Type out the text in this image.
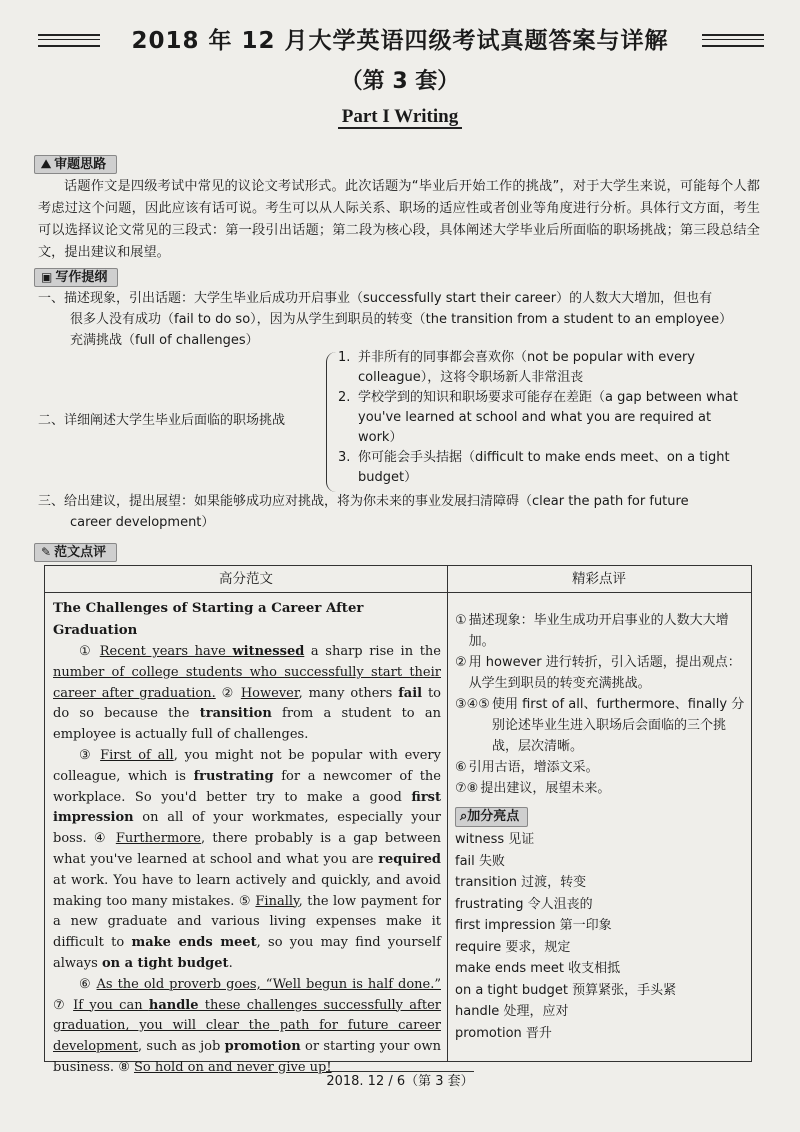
2018 年 12 月大学英语四级考试真题答案与详解
（第 3 套）
Part I Writing
⛰ 审题思路
话题作文是四级考试中常见的议论文考试形式。此次话题为“毕业后开始工作的挑战”，对于大学生来说，可能每个人都考虑过这个问题，因此应该有话可说。考生可以从人际关系、职场的适应性或者创业等角度进行分析。具体行文方面，考生可以选择议论文常见的三段式：第一段引出话题；第二段为核心段，具体阐述大学毕业后所面临的职场挑战；第三段总结全文，提出建议和展望。
▣ 写作提纲
一、描述现象，引出话题：大学生毕业后成功开启事业（successfully start their career）的人数大大增加，但也有
很多人没有成功（fail to do so），因为从学生到职员的转变（the transition from a student to an employee）
充满挑战（full of challenges）
二、详细阐述大学生毕业后面临的职场挑战
1. 并非所有的同事都会喜欢你（not be popular with every colleague），这将令职场新人非常沮丧
2. 学校学到的知识和职场要求可能存在差距（a gap between what you've learned at school and what you are required at work）
3. 你可能会手头拮据（difficult to make ends meet、on a tight budget）
三、给出建议，提出展望：如果能够成功应对挑战，将为你未来的事业发展扫清障碍（clear the path for future
career development）
✎ 范文点评
高分范文	精彩点评
The Challenges of Starting a Career After Graduation
① Recent years have witnessed a sharp rise in the number of college students who successfully start their career after graduation. ② However, many others fail to do so because the transition from a student to an employee is actually full of challenges.
③ First of all, you might not be popular with every colleague, which is frustrating for a newcomer of the workplace. So you'd better try to make a good first impression on all of your workmates, especially your boss. ④ Furthermore, there probably is a gap between what you've learned at school and what you are required at work. You have to learn actively and quickly, and avoid making too many mistakes. ⑤ Finally, the low payment for a new graduate and various living expenses make it difficult to make ends meet, so you may find yourself always on a tight budget.
⑥ As the old proverb goes, “Well begun is half done.” ⑦ If you can handle these challenges successfully after graduation, you will clear the path for future career development, such as job promotion or starting your own business. ⑧ So hold on and never give up!
① 描述现象：毕业生成功开启事业的人数大大增加。
② 用 however 进行转折，引入话题，提出观点：从学生到职员的转变充满挑战。
③④⑤ 使用 first of all、furthermore、finally 分别论述毕业生进入职场后会面临的三个挑战，层次清晰。
⑥ 引用古语，增添文采。
⑦⑧ 提出建议，展望未来。
⌕加分亮点
witness 见证
fail 失败
transition 过渡，转变
frustrating 令人沮丧的
first impression 第一印象
require 要求，规定
make ends meet 收支相抵
on a tight budget 预算紧张，手头紧
handle 处理，应对
promotion 晋升
2018. 12 / 6（第 3 套）
